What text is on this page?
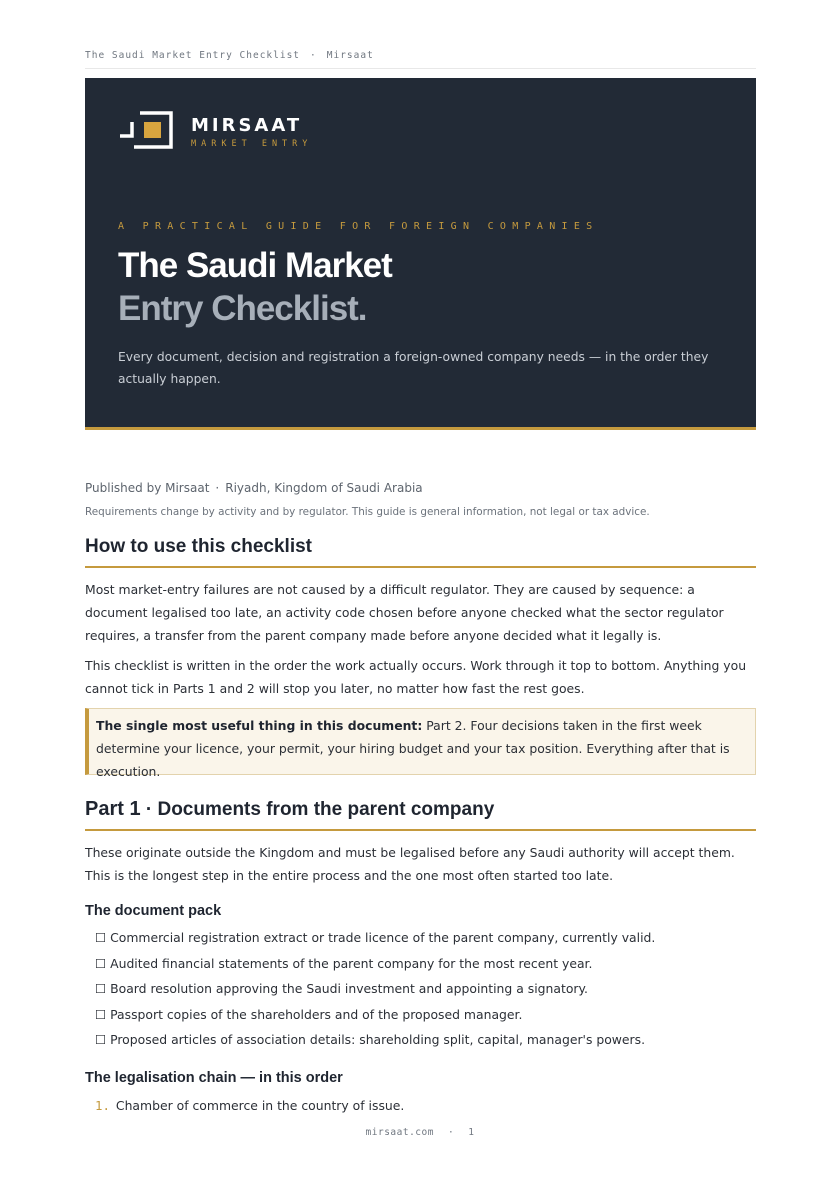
The Saudi Market Entry Checklist · Mirsaat
MIRSAAT
MARKET ENTRY
A PRACTICAL GUIDE FOR FOREIGN COMPANIES
The Saudi Market
Entry Checklist.

Every document, decision and registration a foreign-owned company needs — in the order they actually happen.

Published by Mirsaat · Riyadh, Kingdom of Saudi Arabia
Requirements change by activity and by regulator. This guide is general information, not legal or tax advice.
How to use this checklist

Most market-entry failures are not caused by a difficult regulator. They are caused by sequence: a document legalised too late, an activity code chosen before anyone checked what the sector regulator requires, a transfer from the parent company made before anyone decided what it legally is.

This checklist is written in the order the work actually occurs. Work through it top to bottom. Anything you cannot tick in Parts 1 and 2 will stop you later, no matter how fast the rest goes.

The single most useful thing in this document: Part 2. Four decisions taken in the first week determine your licence, your permit, your hiring budget and your tax position. Everything after that is execution.
Part 1 · Documents from the parent company

These originate outside the Kingdom and must be legalised before any Saudi authority will accept them. This is the longest step in the entire process and the one most often started too late.

The document pack
☐ Commercial registration extract or trade licence of the parent company, currently valid.
☐ Audited financial statements of the parent company for the most recent year.
☐ Board resolution approving the Saudi investment and appointing a signatory.
☐ Passport copies of the shareholders and of the proposed manager.
☐ Proposed articles of association details: shareholding split, capital, manager's powers.
The legalisation chain — in this order
1. Chamber of commerce in the country of issue.
mirsaat.com · 1
